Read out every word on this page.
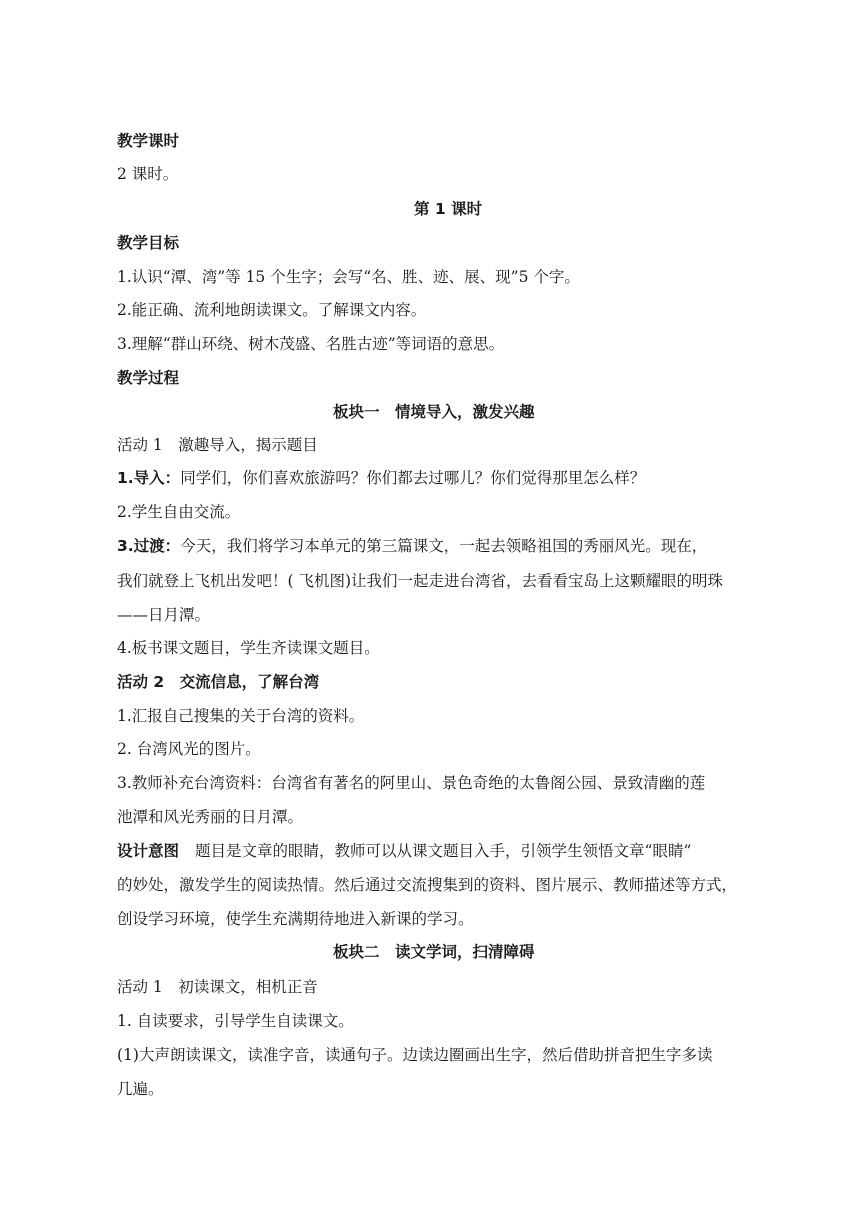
教学课时
2 课时。
第 1 课时
教学目标
1.认识“潭、湾”等 15 个生字；会写“名、胜、迹、展、现”5 个字。
2.能正确、流利地朗读课文。了解课文内容。
3.理解“群山环绕、树木茂盛、名胜古迹”等词语的意思。
教学过程
板块一　情境导入，激发兴趣
活动 1　激趣导入，揭示题目
1.导入：同学们，你们喜欢旅游吗？你们都去过哪儿？你们觉得那里怎么样？
2.学生自由交流。
3.过渡：今天，我们将学习本单元的第三篇课文，一起去领略祖国的秀丽风光。现在，
我们就登上飞机出发吧！( 飞机图)让我们一起走进台湾省，去看看宝岛上这颗耀眼的明珠
——日月潭。
4.板书课文题目，学生齐读课文题目。
活动 2　交流信息，了解台湾
1.汇报自己搜集的关于台湾的资料。
2. 台湾风光的图片。
3.教师补充台湾资料：台湾省有著名的阿里山、景色奇绝的太鲁阁公园、景致清幽的莲
池潭和风光秀丽的日月潭。
设计意图 题目是文章的眼睛，教师可以从课文题目入手，引领学生领悟文章“眼睛”
的妙处，激发学生的阅读热情。然后通过交流搜集到的资料、图片展示、教师描述等方式，
创设学习环境，使学生充满期待地进入新课的学习。
板块二　读文学词，扫清障碍
活动 1　初读课文，相机正音
1. 自读要求，引导学生自读课文。
(1)大声朗读课文，读准字音，读通句子。边读边圈画出生字，然后借助拼音把生字多读
几遍。
